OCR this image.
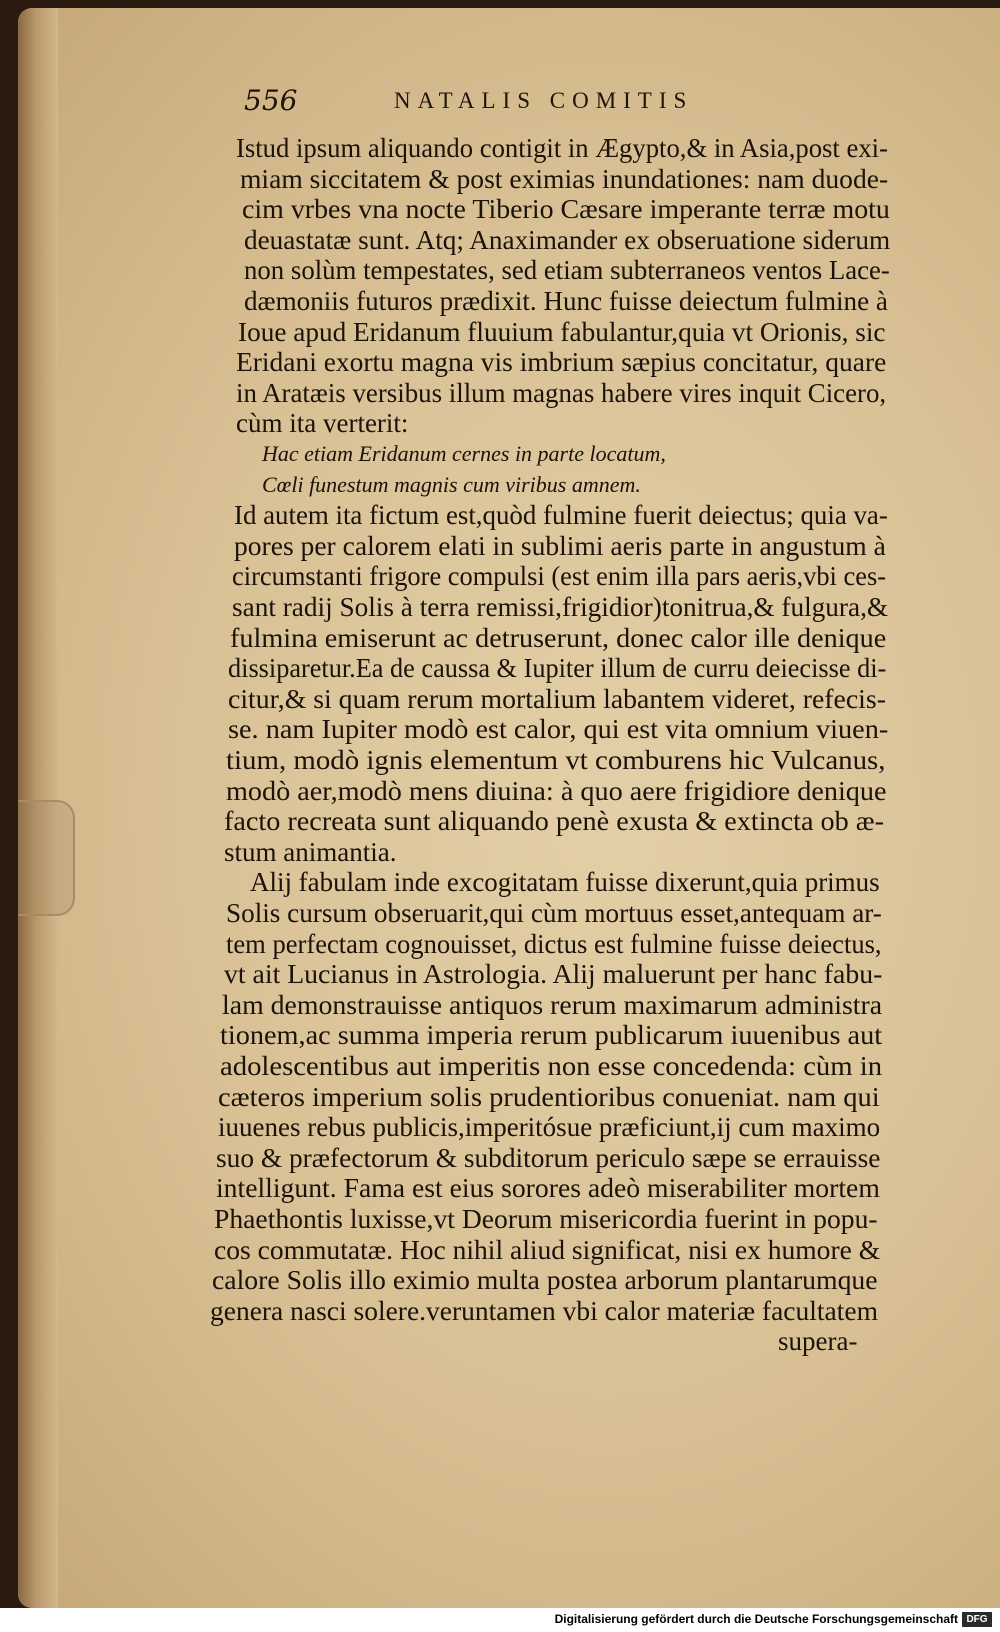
556	NATALIS COMITIS
Istud ipsum aliquando contigit in Ægypto,& in Asia,post exi-
miam siccitatem & post eximias inundationes: nam duode-
cim vrbes vna nocte Tiberio Cæsare imperante terræ motu
deuastatæ sunt. Atq; Anaximander ex obseruatione siderum
non solùm tempestates, sed etiam subterraneos ventos Lace-
dæmoniis futuros prædixit. Hunc fuisse deiectum fulmine à
Ioue apud Eridanum fluuium fabulantur,quia vt Orionis, sic
Eridani exortu magna vis imbrium sæpius concitatur, quare
in Aratæis versibus illum magnas habere vires inquit Cicero,
cùm ita verterit:
Hac etiam Eridanum cernes in parte locatum,
Cœli funestum magnis cum viribus amnem.
Id autem ita fictum est,quòd fulmine fuerit deiectus; quia va-
pores per calorem elati in sublimi aeris parte in angustum à
circumstanti frigore compulsi (est enim illa pars aeris,vbi ces-
sant radij Solis à terra remissi,frigidior)tonitrua,& fulgura,&
fulmina emiserunt ac detruserunt, donec calor ille denique
dissiparetur.Ea de caussa & Iupiter illum de curru deiecisse di-
citur,& si quam rerum mortalium labantem videret, refecis-
se. nam Iupiter modò est calor, qui est vita omnium viuen-
tium, modò ignis elementum vt comburens hic Vulcanus,
modò aer,modò mens diuina: à quo aere frigidiore denique
facto recreata sunt aliquando penè exusta & extincta ob æ-
stum animantia.
Alij fabulam inde excogitatam fuisse dixerunt,quia primus
Solis cursum obseruarit,qui cùm mortuus esset,antequam ar-
tem perfectam cognouisset, dictus est fulmine fuisse deiectus,
vt ait Lucianus in Astrologia. Alij maluerunt per hanc fabu-
lam demonstrauisse antiquos rerum maximarum administra
tionem,ac summa imperia rerum publicarum iuuenibus aut
adolescentibus aut imperitis non esse concedenda: cùm in
cæteros imperium solis prudentioribus conueniat. nam qui
iuuenes rebus publicis,imperitósue præficiunt,ij cum maximo
suo & præfectorum & subditorum periculo sæpe se errauisse
intelligunt. Fama est eius sorores adeò miserabiliter mortem
Phaethontis luxisse,vt Deorum misericordia fuerint in popu-
cos commutatæ. Hoc nihil aliud significat, nisi ex humore &
calore Solis illo eximio multa postea arborum plantarumque
genera nasci solere.veruntamen vbi calor materiæ facultatem
supera-
Digitalisierung gefördert durch die Deutsche Forschungsgemeinschaft DFG
